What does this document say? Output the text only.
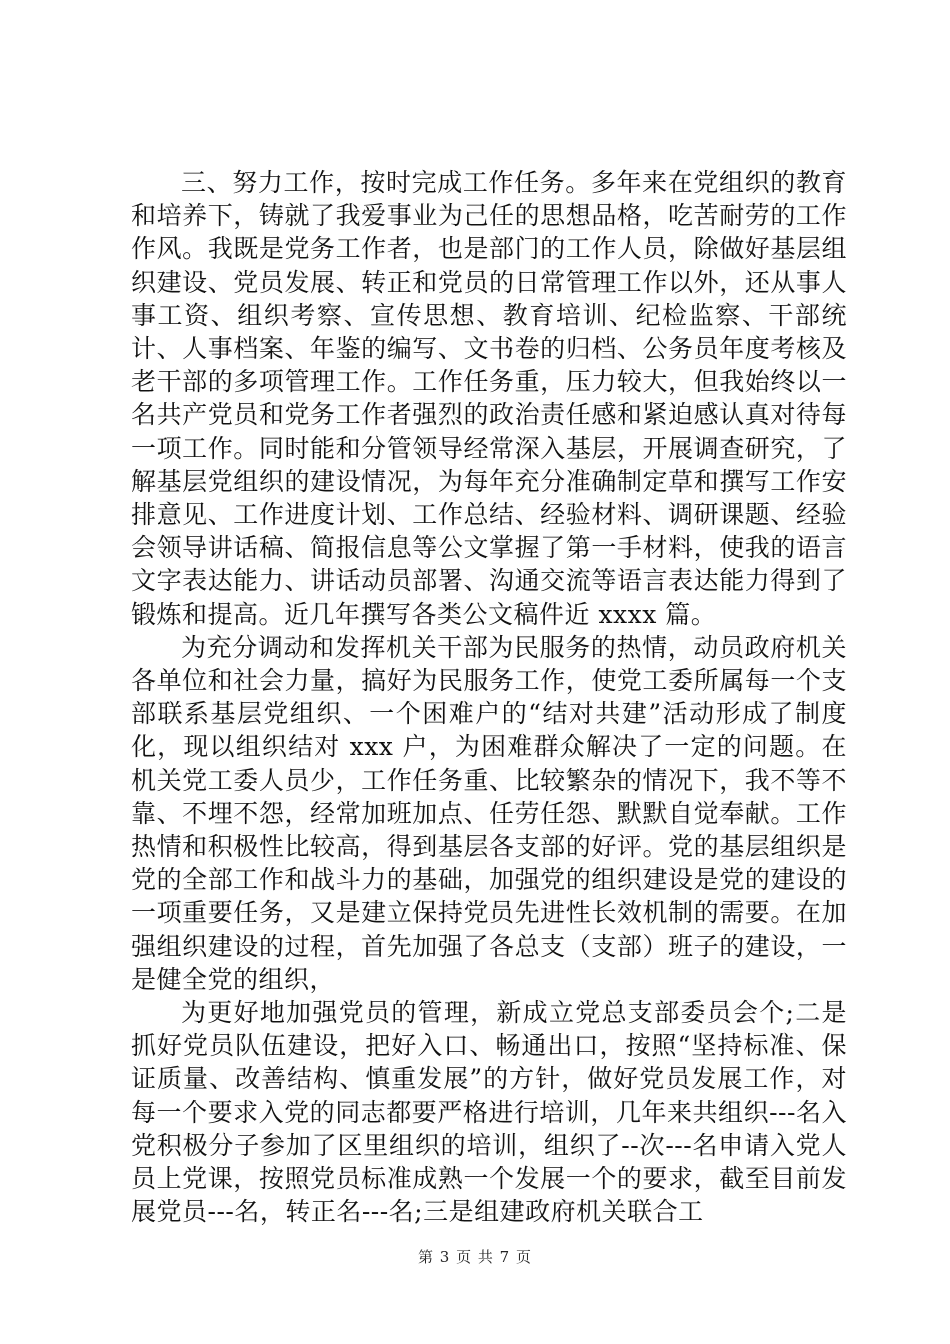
三、努力工作，按时完成工作任务。多年来在党组织的教育和培养下，铸就了我爱事业为己任的思想品格，吃苦耐劳的工作作风。我既是党务工作者，也是部门的工作人员，除做好基层组织建设、党员发展、转正和党员的日常管理工作以外，还从事人事工资、组织考察、宣传思想、教育培训、纪检监察、干部统计、人事档案、年鉴的编写、文书卷的归档、公务员年度考核及老干部的多项管理工作。工作任务重，压力较大，但我始终以一名共产党员和党务工作者强烈的政治责任感和紧迫感认真对待每一项工作。同时能和分管领导经常深入基层，开展调查研究，了解基层党组织的建设情况，为每年充分准确制定草和撰写工作安排意见、工作进度计划、工作总结、经验材料、调研课题、经验会领导讲话稿、简报信息等公文掌握了第一手材料，使我的语言文字表达能力、讲话动员部署、沟通交流等语言表达能力得到了锻炼和提高。近几年撰写各类公文稿件近 xxxx 篇。

为充分调动和发挥机关干部为民服务的热情，动员政府机关各单位和社会力量，搞好为民服务工作，使党工委所属每一个支部联系基层党组织、一个困难户的“结对共建”活动形成了制度化，现以组织结对 xxx 户，为困难群众解决了一定的问题。在机关党工委人员少，工作任务重、比较繁杂的情况下，我不等不靠、不埋不怨，经常加班加点、任劳任怨、默默自觉奉献。工作热情和积极性比较高，得到基层各支部的好评。党的基层组织是党的全部工作和战斗力的基础，加强党的组织建设是党的建设的一项重要任务，又是建立保持党员先进性长效机制的需要。在加强组织建设的过程，首先加强了各总支（支部）班子的建设，一是健全党的组织，

为更好地加强党员的管理，新成立党总支部委员会个;二是抓好党员队伍建设，把好入口、畅通出口，按照“坚持标准、保证质量、改善结构、慎重发展”的方针，做好党员发展工作，对每一个要求入党的同志都要严格进行培训，几年来共组织---名入党积极分子参加了区里组织的培训，组织了--次---名申请入党人员上党课，按照党员标准成熟一个发展一个的要求，截至目前发展党员---名，转正名---名;三是组建政府机关联合工

第 3 页 共 7 页
